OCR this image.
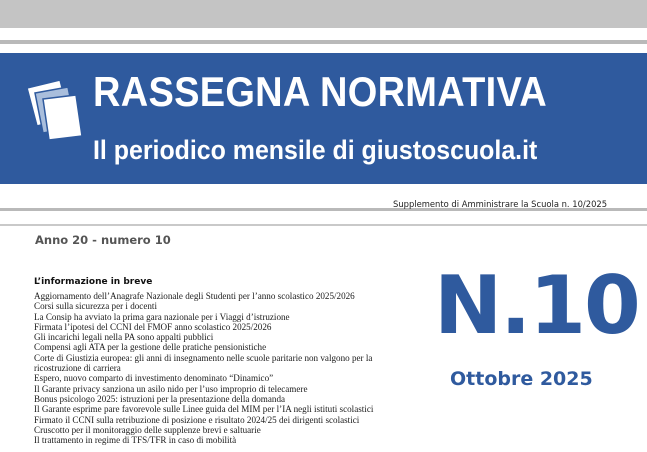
RASSEGNA NORMATIVA
Il periodico mensile di giustoscuola.it
Supplemento di Amministrare la Scuola n. 10/2025
Anno 20 - numero 10
L’informazione in breve
Aggiornamento dell’Anagrafe Nazionale degli Studenti per l’anno scolastico 2025/2026
Corsi sulla sicurezza per i docenti
La Consip ha avviato la prima gara nazionale per i Viaggi d’istruzione
Firmata l’ipotesi del CCNI del FMOF anno scolastico 2025/2026
Gli incarichi legali nella PA sono appalti pubblici
Compensi agli ATA per la gestione delle pratiche pensionistiche
Corte di Giustizia europea: gli anni di insegnamento nelle scuole paritarie non valgono per la ricostruzione di carriera
Espero, nuovo comparto di investimento denominato “Dinamico”
Il Garante privacy sanziona un asilo nido per l’uso improprio di telecamere
Bonus psicologo 2025: istruzioni per la presentazione della domanda
Il Garante esprime pare favorevole sulle Linee guida del MIM per l’IA negli istituti scolastici
Firmato il CCNI sulla retribuzione di posizione e risultato 2024/25 dei dirigenti scolastici
Cruscotto per il monitoraggio delle supplenze brevi e saltuarie
Il trattamento in regime di TFS/TFR in caso di mobilità
N.10
Ottobre 2025
